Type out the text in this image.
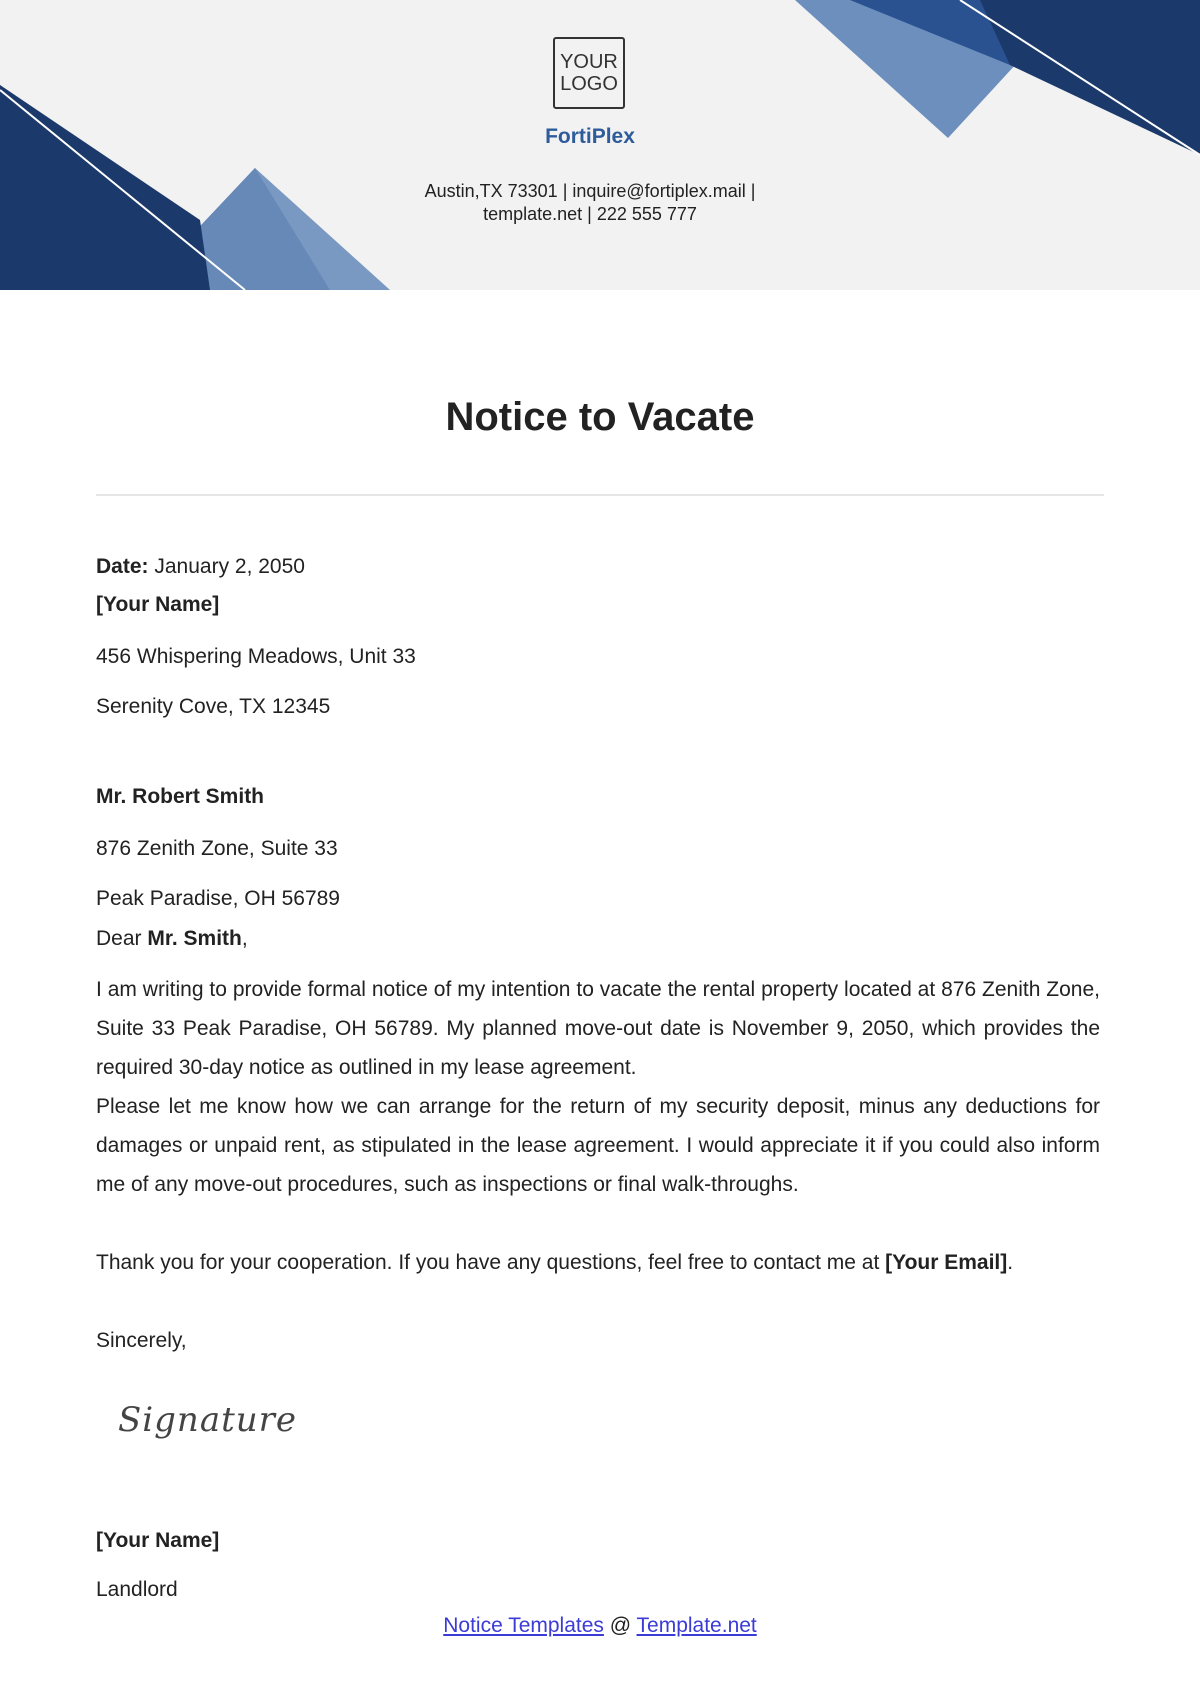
YOUR
LOGO
FortiPlex
Austin,TX 73301 | inquire@fortiplex.mail |
template.net | 222 555 777
Notice to Vacate
Date: January 2, 2050
[Your Name]
456 Whispering Meadows, Unit 33
Serenity Cove, TX 12345
Mr. Robert Smith
876 Zenith Zone, Suite 33
Peak Paradise, OH 56789
Dear Mr. Smith,

I am writing to provide formal notice of my intention to vacate the rental property located at 876 Zenith Zone, Suite 33 Peak Paradise, OH 56789. My planned move-out date is November 9, 2050, which provides the required 30-day notice as outlined in my lease agreement.

Please let me know how we can arrange for the return of my security deposit, minus any deductions for damages or unpaid rent, as stipulated in the lease agreement. I would appreciate it if you could also inform me of any move-out procedures, such as inspections or final walk-throughs.

Thank you for your cooperation. If you have any questions, feel free to contact me at [Your Email].

Sincerely,
Signature
[Your Name]
Landlord
Notice Templates @ Template.net
